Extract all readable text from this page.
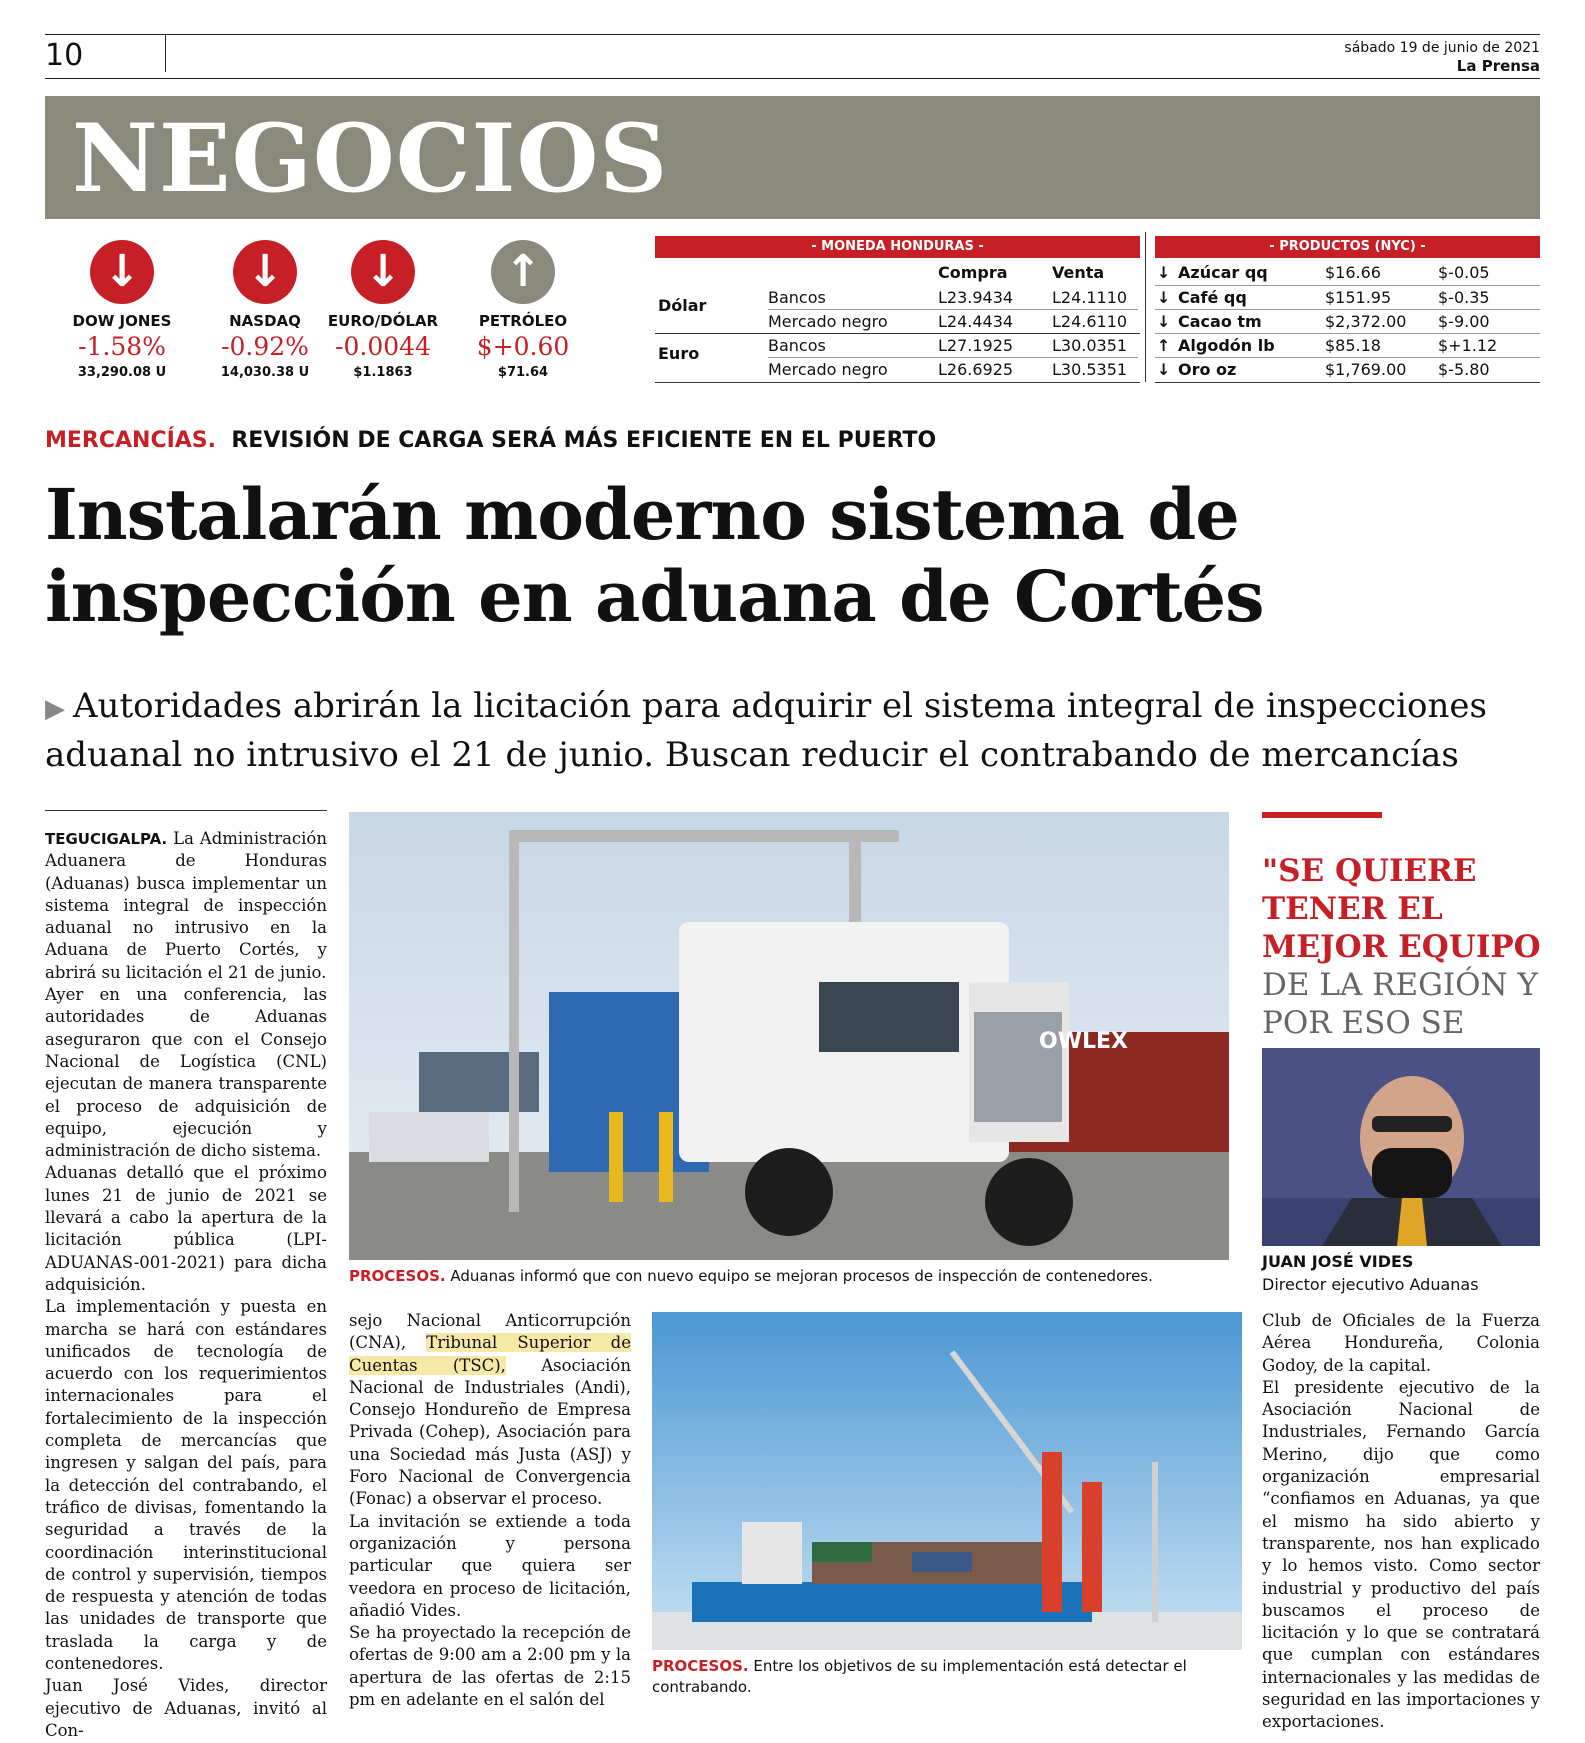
10	sábado 19 de junio de 2021
La Prensa
NEGOCIOS
↓
DOW JONES
-1.58%
33,290.08 U
↓
NASDAQ
-0.92%
14,030.38 U
↓
EURO/DÓLAR
-0.0044
$1.1863
↑
PETRÓLEO
$+0.60
$71.64
- MONEDA HONDURAS -
Compra	Venta
Dólar	Bancos	L23.9434 L24.1110
Mercado negro	L24.4434 L24.6110
Euro	Bancos	L27.1925 L30.0351
Mercado negro	L26.6925 L30.5351
- PRODUCTOS (NYC) -
↓ Azúcar qq	$16.66	$-0.05
↓ Café qq	$151.95	$-0.35
↓ Cacao tm	$2,372.00 $-9.00
↑ Algodón lb	$85.18	$+1.12
↓ Oro oz	$1,769.00 $-5.80
MERCANCÍAS. REVISIÓN DE CARGA SERÁ MÁS EFICIENTE EN EL PUERTO
Instalarán moderno sistema de
inspección en aduana de Cortés
▶ Autoridades abrirán la licitación para adquirir el sistema integral de inspecciones aduanal no intrusivo el 21 de junio. Buscan reducir el contrabando de mercancías

TEGUCIGALPA. La Administración Aduanera de Honduras (Aduanas) busca implementar un sistema integral de inspección aduanal no intrusivo en la Aduana de Puerto Cortés, y abrirá su licitación el 21 de junio.

Ayer en una conferencia, las autoridades de Aduanas aseguraron que con el Consejo Nacional de Logística (CNL) ejecutan de manera transparente el proceso de adquisición de equipo, ejecución y administración de dicho sistema.

Aduanas detalló que el próximo lunes 21 de junio de 2021 se llevará a cabo la apertura de la licitación pública (LPI-ADUANAS-001-2021) para dicha adquisición.

La implementación y puesta en marcha se hará con estándares unificados de tecnología de acuerdo con los requerimientos internacionales para el fortalecimiento de la inspección completa de mercancías que ingresen y salgan del país, para la detección del contrabando, el tráfico de divisas, fomentando la seguridad a través de la coordinación interinstitucional de control y supervisión, tiempos de respuesta y atención de todas las unidades de transporte que traslada la carga y de contenedores.

Juan José Vides, director ejecutivo de Aduanas, invitó al Con-

OWLEX
PROCESOS. Aduanas informó que con nuevo equipo se mejoran procesos de inspección de contenedores.

sejo Nacional Anticorrupción (CNA), Tribunal Superior de Cuentas (TSC), Asociación Nacional de Industriales (Andi), Consejo Hondureño de Empresa Privada (Cohep), Asociación para una Sociedad más Justa (ASJ) y Foro Nacional de Convergencia (Fonac) a observar el proceso.

La invitación se extiende a toda organización y persona particular que quiera ser veedora en proceso de licitación, añadió Vides.

Se ha proyectado la recepción de ofertas de 9:00 am a 2:00 pm y la apertura de las ofertas de 2:15 pm en adelante en el salón del

PROCESOS. Entre los objetivos de su implementación está detectar el contrabando.
"SE QUIERE TENER EL MEJOR EQUIPO DE LA REGIÓN Y POR ESO SE
JUAN JOSÉ VIDES
Director ejecutivo Aduanas

Club de Oficiales de la Fuerza Aérea Hondureña, Colonia Godoy, de la capital.

El presidente ejecutivo de la Asociación Nacional de Industriales, Fernando García Merino, dijo que como organización empresarial “confiamos en Aduanas, ya que el mismo ha sido abierto y transparente, nos han explicado y lo hemos visto. Como sector industrial y productivo del país buscamos el proceso de licitación y lo que se contratará que cumplan con estándares internacionales y las medidas de seguridad en las importaciones y exportaciones.
